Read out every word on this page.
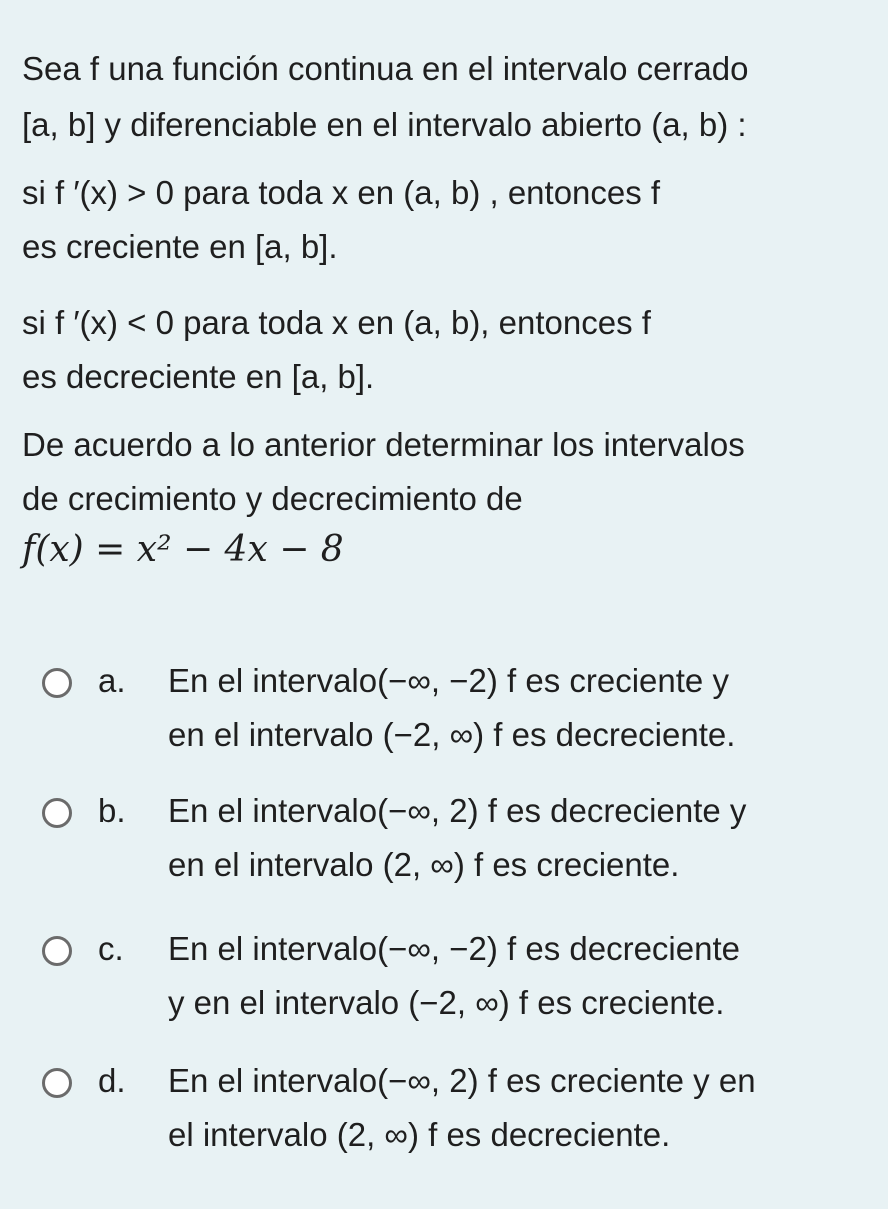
Sea f una función continua en el intervalo cerrado
[a, b] y diferenciable en el intervalo abierto (a, b) :
si f ′(x) > 0 para toda x en (a, b) , entonces f
es creciente en [a, b].
si f ′(x) < 0 para toda x en (a, b), entonces f
es decreciente en [a, b].
De acuerdo a lo anterior determinar los intervalos
de crecimiento y decrecimiento de
f(x) = x² − 4x − 8
a. En el intervalo(−∞, −2) f es creciente y
en el intervalo (−2, ∞) f es decreciente.
b. En el intervalo(−∞, 2) f es decreciente y
en el intervalo (2, ∞) f es creciente.
c. En el intervalo(−∞, −2) f es decreciente
y en el intervalo (−2, ∞) f es creciente.
d. En el intervalo(−∞, 2) f es creciente y en
el intervalo (2, ∞) f es decreciente.
